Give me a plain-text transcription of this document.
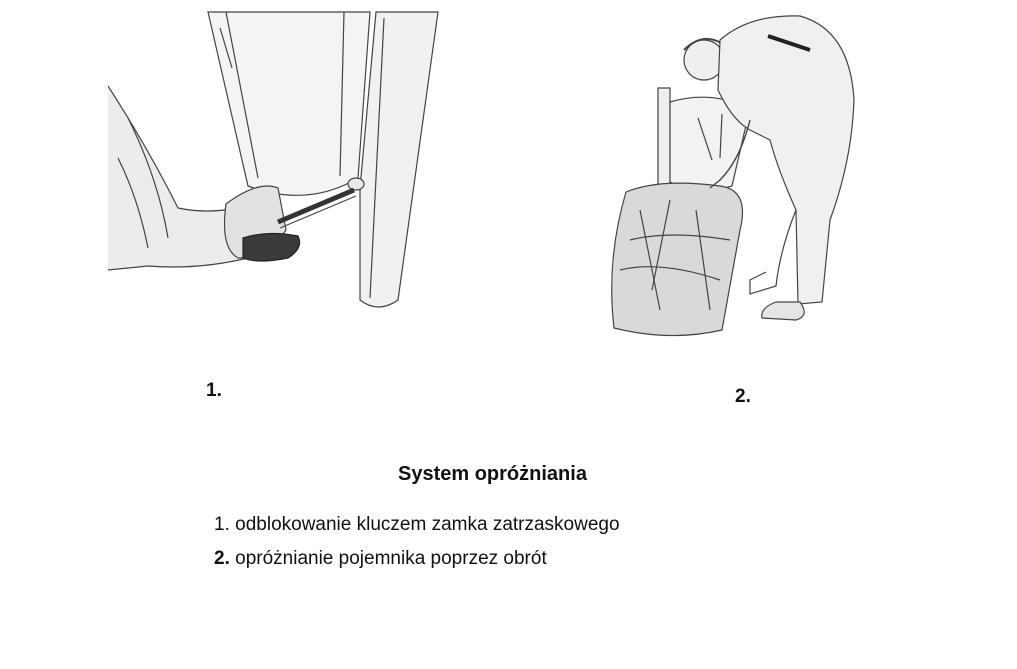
1.	2.
System opróżniania
1. odblokowanie kluczem zamka zatrzaskowego
2. opróżnianie pojemnika poprzez obrót
